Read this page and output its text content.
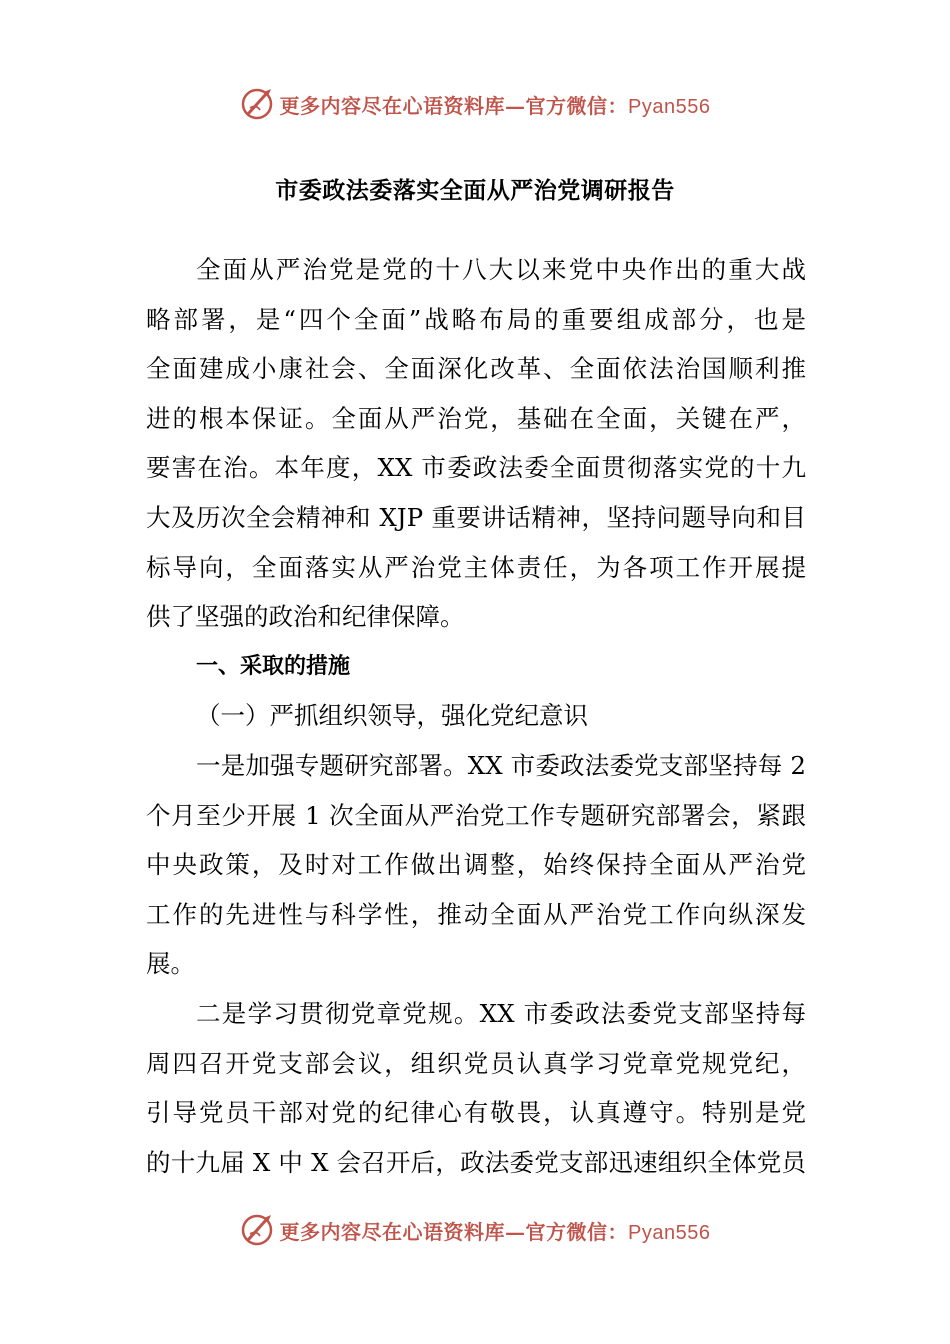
更多内容尽在心语资料库—官方微信：Pyan556
市委政法委落实全面从严治党调研报告
全面从严治党是党的十八大以来党中央作出的重大战
略部署，是“四个全面”战略布局的重要组成部分，也是
全面建成小康社会、全面深化改革、全面依法治国顺利推
进的根本保证。全面从严治党，基础在全面，关键在严，
要害在治。本年度，XX 市委政法委全面贯彻落实党的十九
大及历次全会精神和 XJP 重要讲话精神，坚持问题导向和目
标导向，全面落实从严治党主体责任，为各项工作开展提
供了坚强的政治和纪律保障。
一、采取的措施
（一）严抓组织领导，强化党纪意识
一是加强专题研究部署。XX 市委政法委党支部坚持每 2
个月至少开展 1 次全面从严治党工作专题研究部署会，紧跟
中央政策，及时对工作做出调整，始终保持全面从严治党
工作的先进性与科学性，推动全面从严治党工作向纵深发
展。
二是学习贯彻党章党规。XX 市委政法委党支部坚持每
周四召开党支部会议，组织党员认真学习党章党规党纪，
引导党员干部对党的纪律心有敬畏，认真遵守。特别是党
的十九届 X 中 X 会召开后，政法委党支部迅速组织全体党员
更多内容尽在心语资料库—官方微信：Pyan556
